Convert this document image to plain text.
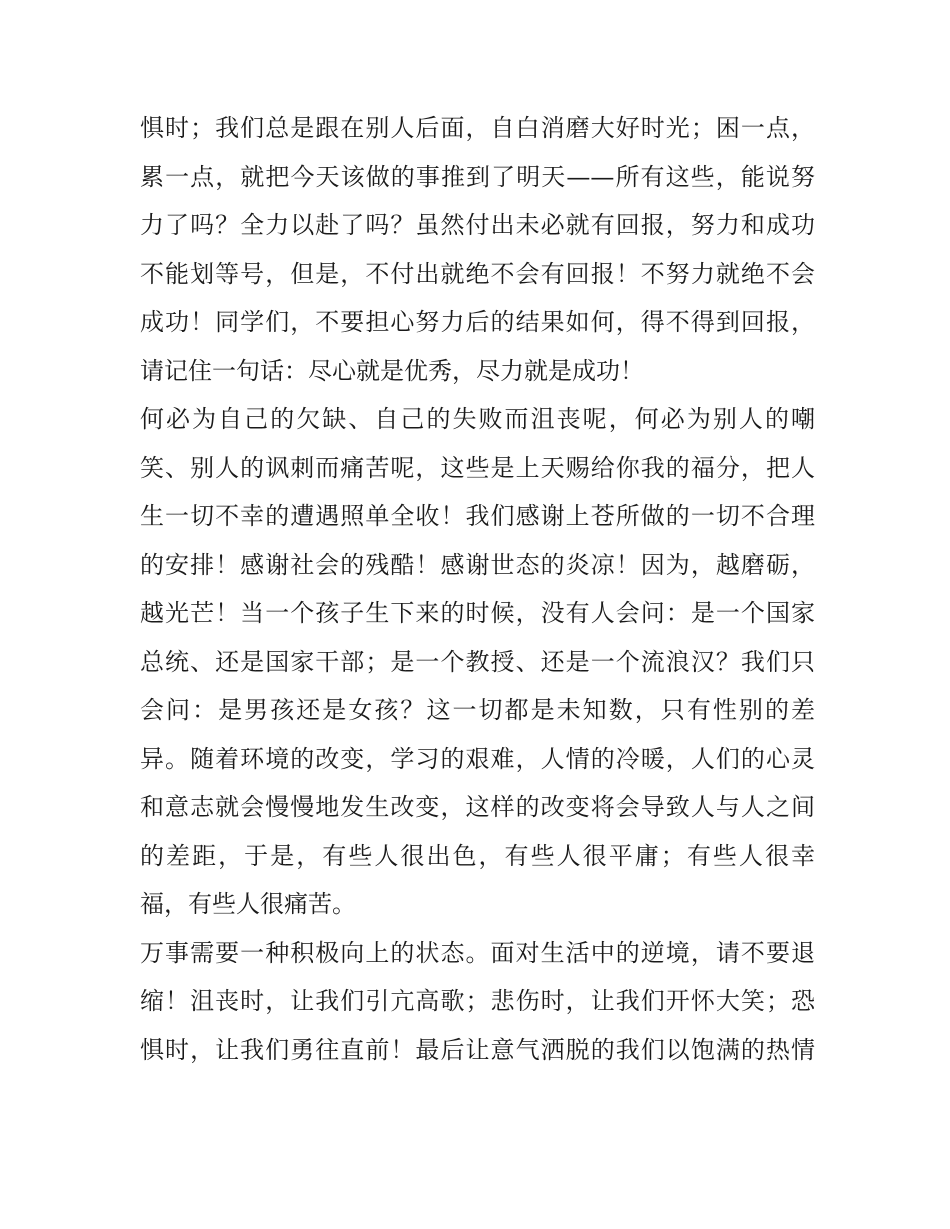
惧时；我们总是跟在别人后面，自白消磨大好时光；困一点，
累一点，就把今天该做的事推到了明天——所有这些，能说努
力了吗？全力以赴了吗？虽然付出未必就有回报，努力和成功
不能划等号，但是，不付出就绝不会有回报！不努力就绝不会
成功！同学们，不要担心努力后的结果如何，得不得到回报，
请记住一句话：尽心就是优秀，尽力就是成功！
何必为自己的欠缺、自己的失败而沮丧呢，何必为别人的嘲
笑、别人的讽刺而痛苦呢，这些是上天赐给你我的福分，把人
生一切不幸的遭遇照单全收！我们感谢上苍所做的一切不合理
的安排！感谢社会的残酷！感谢世态的炎凉！因为，越磨砺，
越光芒！当一个孩子生下来的时候，没有人会问：是一个国家
总统、还是国家干部；是一个教授、还是一个流浪汉？我们只
会问：是男孩还是女孩？这一切都是未知数，只有性别的差
异。随着环境的改变，学习的艰难，人情的冷暖，人们的心灵
和意志就会慢慢地发生改变，这样的改变将会导致人与人之间
的差距，于是，有些人很出色，有些人很平庸；有些人很幸
福，有些人很痛苦。
万事需要一种积极向上的状态。面对生活中的逆境，请不要退
缩！沮丧时，让我们引亢高歌；悲伤时，让我们开怀大笑；恐
惧时，让我们勇往直前！最后让意气洒脱的我们以饱满的热情
